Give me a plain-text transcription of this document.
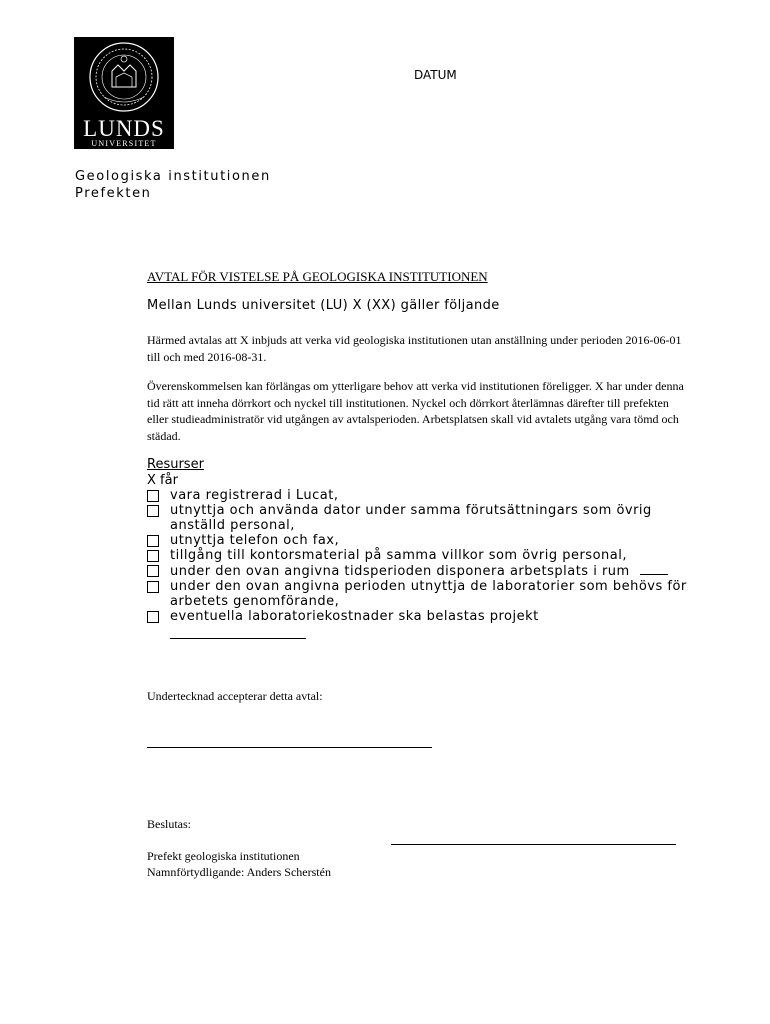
LUNDS
UNIVERSITET
DATUM
Geologiska institutionen
Prefekten
AVTAL FÖR VISTELSE PÅ GEOLOGISKA INSTITUTIONEN
Mellan Lunds universitet (LU) X (XX) gäller följande
Härmed avtalas att X inbjuds att verka vid geologiska institutionen utan anställning under perioden 2016-06-01 till och med 2016-08-31.
Överenskommelsen kan förlängas om ytterligare behov att verka vid institutionen föreligger. X har under denna tid rätt att inneha dörrkort och nyckel till institutionen. Nyckel och dörrkort återlämnas därefter till prefekten eller studieadministratör vid utgången av avtalsperioden. Arbetsplatsen skall vid avtalets utgång vara tömd och städad.
Resurser
X får
vara registrerad i Lucat,
utnyttja och använda dator under samma förutsättningars som övrig anställd personal,
utnyttja telefon och fax,
tillgång till kontorsmaterial på samma villkor som övrig personal,
under den ovan angivna tidsperioden disponera arbetsplats i rum
under den ovan angivna perioden utnyttja de laboratorier som behövs för arbetets genomförande,
eventuella laboratoriekostnader ska belastas projekt
Undertecknad accepterar detta avtal:
Beslutas:
Prefekt geologiska institutionen
Namnförtydligande: Anders Scherstén
